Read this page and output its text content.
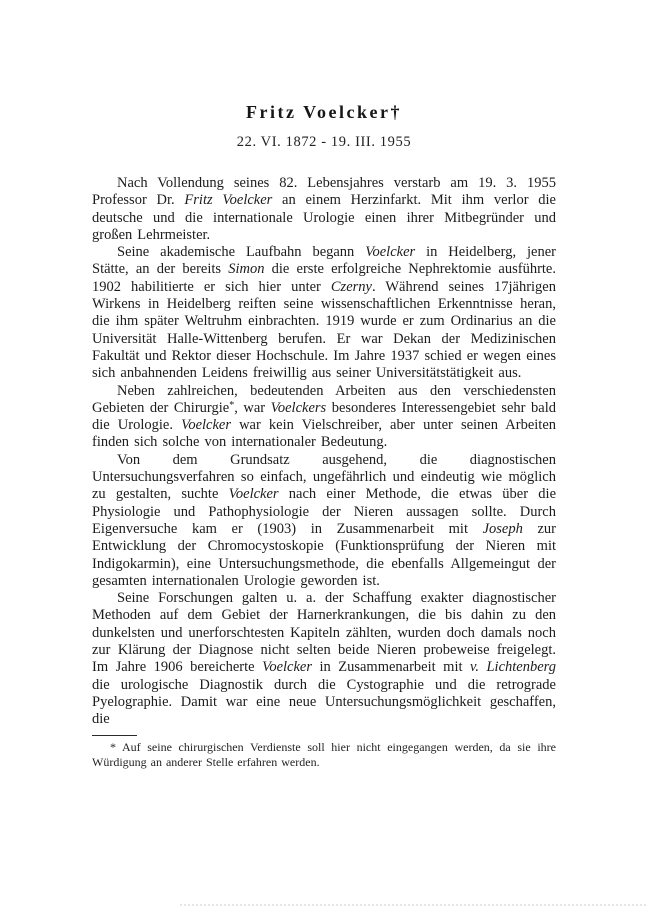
Fritz Voelcker†
22. VI. 1872 - 19. III. 1955

Nach Vollendung seines 82. Lebensjahres verstarb am 19. 3. 1955 Professor Dr. Fritz Voelcker an einem Herzinfarkt. Mit ihm verlor die deutsche und die internationale Urologie einen ihrer Mitbegründer und großen Lehrmeister.

Seine akademische Laufbahn begann Voelcker in Heidelberg, jener Stätte, an der bereits Simon die erste erfolgreiche Nephrektomie ausführte. 1902 habilitierte er sich hier unter Czerny. Während seines 17jährigen Wirkens in Heidelberg reiften seine wissenschaftlichen Erkenntnisse heran, die ihm später Weltruhm einbrachten. 1919 wurde er zum Ordinarius an die Universität Halle-Wittenberg berufen. Er war Dekan der Medizinischen Fakultät und Rektor dieser Hochschule. Im Jahre 1937 schied er wegen eines sich anbahnenden Leidens freiwillig aus seiner Universitätstätigkeit aus.

Neben zahlreichen, bedeutenden Arbeiten aus den verschiedensten Gebieten der Chirurgie*, war Voelckers besonderes Interessengebiet sehr bald die Urologie. Voelcker war kein Vielschreiber, aber unter seinen Arbeiten finden sich solche von internationaler Bedeutung.

Von dem Grundsatz ausgehend, die diagnostischen Untersuchungsverfahren so einfach, ungefährlich und eindeutig wie möglich zu gestalten, suchte Voelcker nach einer Methode, die etwas über die Physiologie und Pathophysiologie der Nieren aussagen sollte. Durch Eigenversuche kam er (1903) in Zusammenarbeit mit Joseph zur Entwicklung der Chromocystoskopie (Funktionsprüfung der Nieren mit Indigokarmin), eine Untersuchungsmethode, die ebenfalls Allgemeingut der gesamten internationalen Urologie geworden ist.

Seine Forschungen galten u. a. der Schaffung exakter diagnostischer Methoden auf dem Gebiet der Harnerkrankungen, die bis dahin zu den dunkelsten und unerforschtesten Kapiteln zählten, wurden doch damals noch zur Klärung der Diagnose nicht selten beide Nieren probeweise freigelegt. Im Jahre 1906 bereicherte Voelcker in Zusammenarbeit mit v. Lichtenberg die urologische Diagnostik durch die Cystographie und die retrograde Pyelographie. Damit war eine neue Untersuchungsmöglichkeit geschaffen, die

* Auf seine chirurgischen Verdienste soll hier nicht eingegangen werden, da sie ihre Würdigung an anderer Stelle erfahren werden.
